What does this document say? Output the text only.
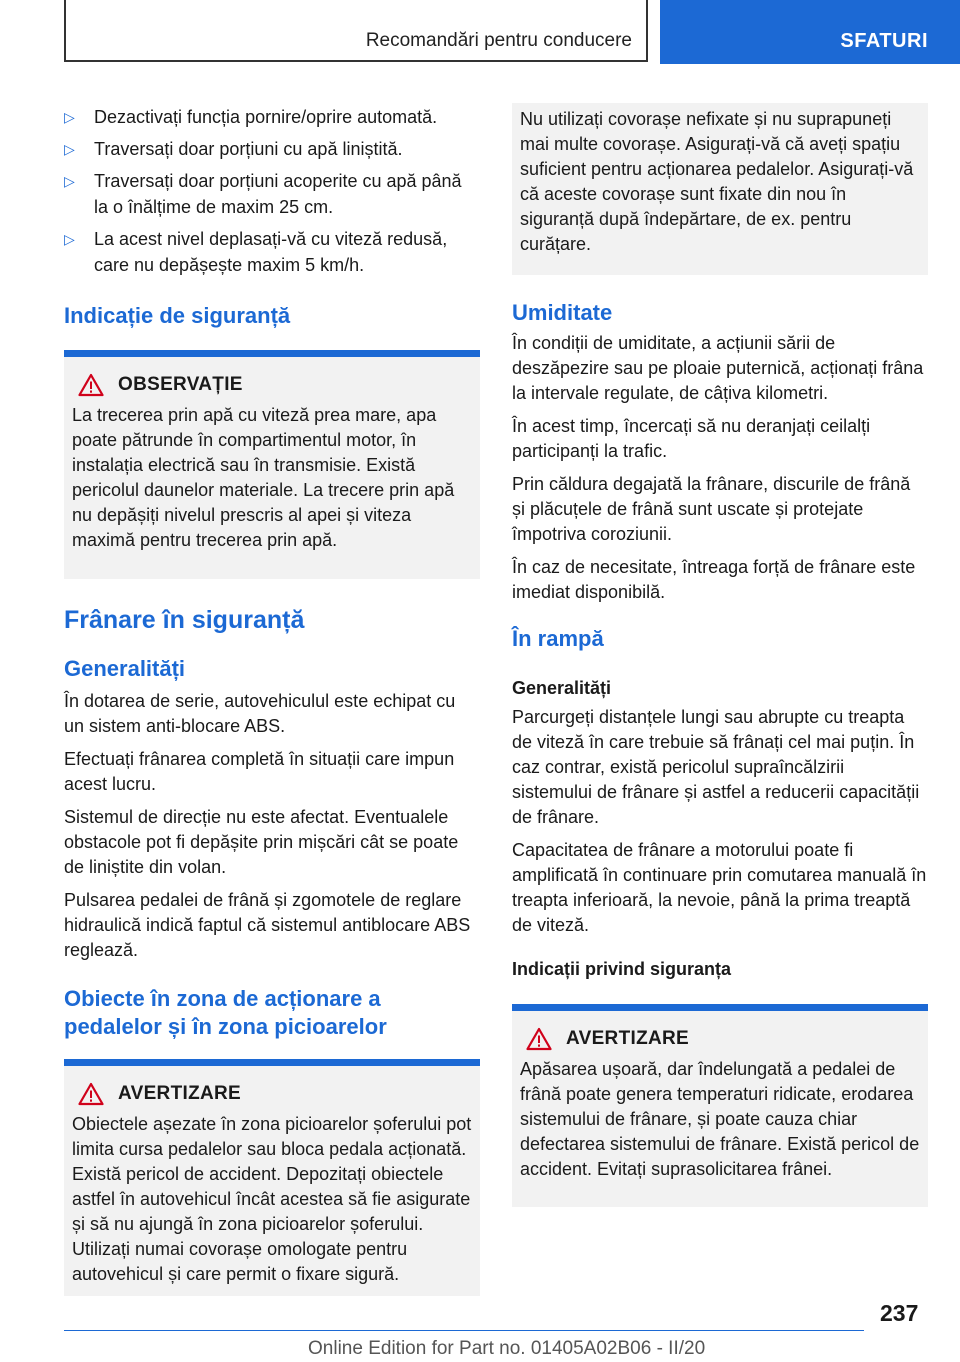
Recomandări pentru conducere	SFATURI
▷ Dezactivați funcția pornire/oprire automată.
▷ Traversați doar porțiuni cu apă liniștită.
▷ Traversați doar porțiuni acoperite cu apă până la o înălțime de maxim 25 cm.
▷ La acest nivel deplasați-vă cu viteză redusă, care nu depășește maxim 5 km/h.
Indicație de siguranță
OBSERVAȚIE

La trecerea prin apă cu viteză prea mare, apa poate pătrunde în compartimentul motor, în instalația electrică sau în transmisie. Există pericolul daunelor materiale. La trecere prin apă nu depășiți nivelul prescris al apei și viteza maximă pentru trecerea prin apă.

Frânare în siguranță
Generalități

În dotarea de serie, autovehiculul este echipat cu un sistem anti-blocare ABS.

Efectuați frânarea completă în situații care impun acest lucru.

Sistemul de direcție nu este afectat. Eventualele obstacole pot fi depășite prin mișcări cât se poate de liniștite din volan.

Pulsarea pedalei de frână și zgomotele de reglare hidraulică indică faptul că sistemul antiblocare ABS reglează.

Obiecte în zona de acționare a pedalelor și în zona picioarelor
AVERTIZARE

Obiectele așezate în zona picioarelor șoferului pot limita cursa pedalelor sau bloca pedala acționată. Există pericol de accident. Depozitați obiectele astfel în autovehicul încât acestea să fie asigurate și să nu ajungă în zona picioarelor șoferului. Utilizați numai covorașe omologate pentru autovehicul și care permit o fixare sigură.

Nu utilizați covorașe nefixate și nu suprapuneți mai multe covorașe. Asigurați-vă că aveți spațiu suficient pentru acționarea pedalelor. Asigurați-vă că aceste covorașe sunt fixate din nou în siguranță după îndepărtare, de ex. pentru curățare.

Umiditate

În condiții de umiditate, a acțiunii sării de deszăpezire sau pe ploaie puternică, acționați frâna la intervale regulate, de câțiva kilometri.

În acest timp, încercați să nu deranjați ceilalți participanți la trafic.

Prin căldura degajată la frânare, discurile de frână și plăcuțele de frână sunt uscate și protejate împotriva coroziunii.

În caz de necesitate, întreaga forță de frânare este imediat disponibilă.

În rampă
Generalități

Parcurgeți distanțele lungi sau abrupte cu treapta de viteză în care trebuie să frânați cel mai puțin. În caz contrar, există pericolul supraîncălzirii sistemului de frânare și astfel a reducerii capacității de frânare.

Capacitatea de frânare a motorului poate fi amplificată în continuare prin comutarea manuală în treapta inferioară, la nevoie, până la prima treaptă de viteză.

Indicații privind siguranța
AVERTIZARE

Apăsarea ușoară, dar îndelungată a pedalei de frână poate genera temperaturi ridicate, erodarea sistemului de frânare, și poate cauza chiar defectarea sistemului de frânare. Există pericol de accident. Evitați suprasolicitarea frânei.

237
Online Edition for Part no. 01405A02B06 - II/20
